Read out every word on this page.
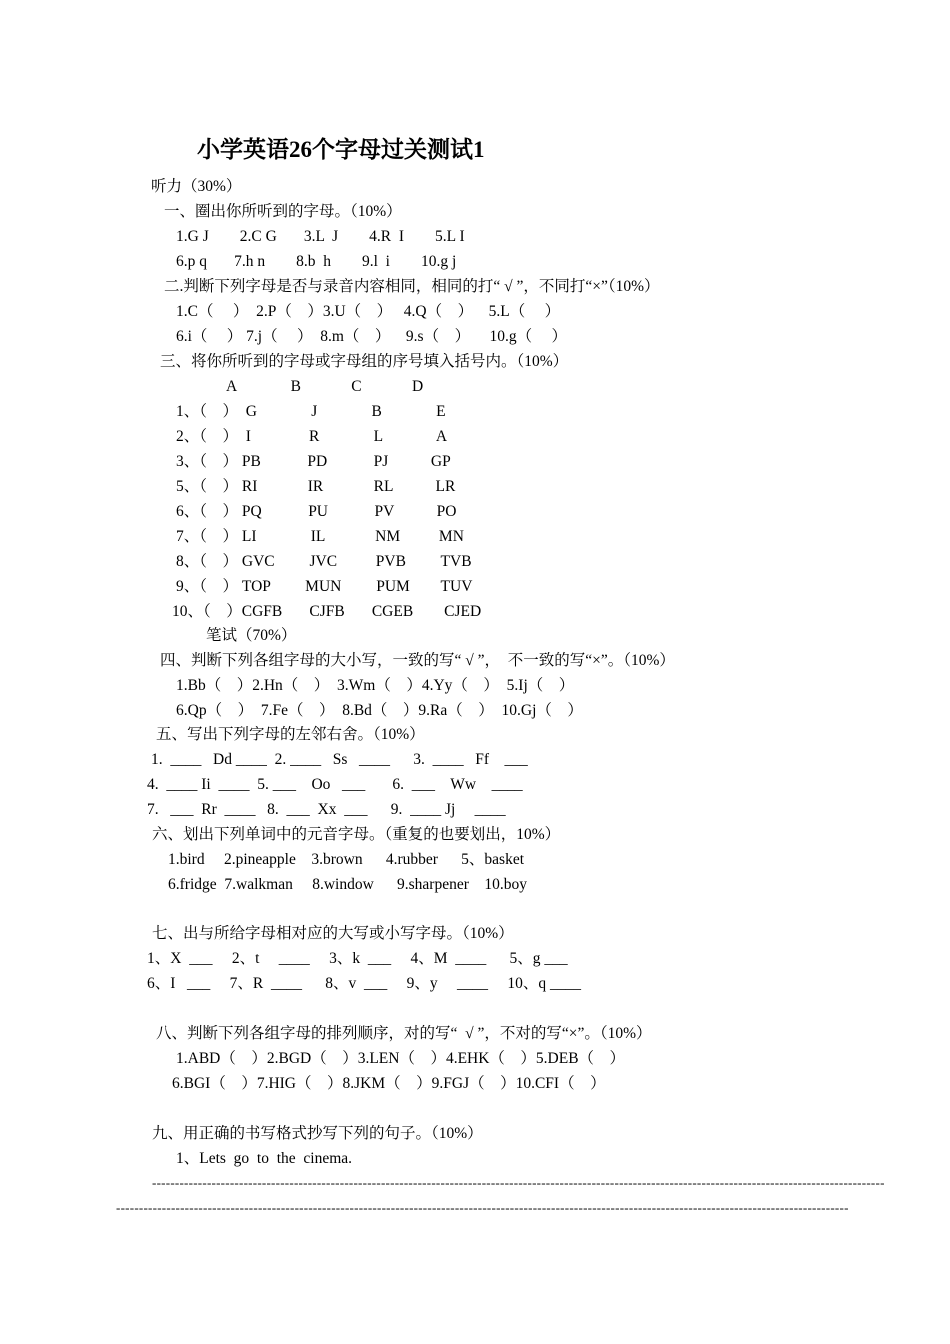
小学英语26个字母过关测试1
听力（30%）
一、圈出你所听到的字母。（10%）
1.G J        2.C G       3.L  J        4.R  I        5.L I
6.p q       7.h n        8.b  h        9.l  i        10.g j
二.判断下列字母是否与录音内容相同，相同的打“ √ ”，不同打“×”（10%）
1.C（     ）  2.P（    ）3.U（    ）   4.Q（    ）    5.L（     ）
6.i（     ） 7.j（     ）  8.m（    ）    9.s（    ）     10.g（     ）
三、将你所听到的字母或字母组的序号填入括号内。（10%）
A              B             C             D
1、（    ）  G              J              B              E
2、（    ）  I               R              L              A
3、（    ） PB            PD            PJ           GP
5、（    ） RI             IR             RL           LR
6、（    ） PQ            PU            PV           PO
7、（    ） LI              IL             NM          MN
8、（    ） GVC         JVC          PVB         TVB
9、（    ） TOP         MUN         PUM        TUV
10、（    ）CGFB       CJFB       CGEB        CJED
笔试（70%）
四、判断下列各组字母的大小写，一致的写“ √ ”，  不一致的写“×”。（10%）
1.Bb（    ）2.Hn（    ）  3.Wm（    ）4.Yy（    ）  5.Ij（    ）
6.Qp（    ）  7.Fe（    ）  8.Bd（    ）9.Ra（    ）  10.Gj（    ）
五、写出下列字母的左邻右舍。（10%）
1.  ____   Dd ____  2. ____   Ss   ____      3.  ____   Ff    ___
4.  ____ Ii  ____  5. ___    Oo   ___       6.  ___    Ww    ____
7.   ___  Rr  ____   8.  ___  Xx  ___      9.  ____ Jj     ____
六、划出下列单词中的元音字母。（重复的也要划出，10%）
1.bird     2.pineapple    3.brown      4.rubber      5、basket
6.fridge  7.walkman     8.window      9.sharpener    10.boy
七、出与所给字母相对应的大写或小写字母。（10%）
1、X  ___     2、t     ____     3、k  ___     4、M  ____      5、g ___
6、I   ___     7、R  ____      8、v  ___     9、y     ____     10、q ____
八、判断下列各组字母的排列顺序，对的写“  √ ”，不对的写“×”。（10%）
1.ABD（    ）2.BGD（    ）3.LEN（    ）4.EHK（    ）5.DEB（    ）
6.BGI（    ）7.HIG（    ）8.JKM（    ）9.FGJ（    ）10.CFI（    ）
九、用正确的书写格式抄写下列的句子。（10%）
1、Lets  go  to  the  cinema.
----------------------------------------------------------------------------------------------------------------------------------------------------------------
----------------------------------------------------------------------------------------------------------------------------------------------------------------
